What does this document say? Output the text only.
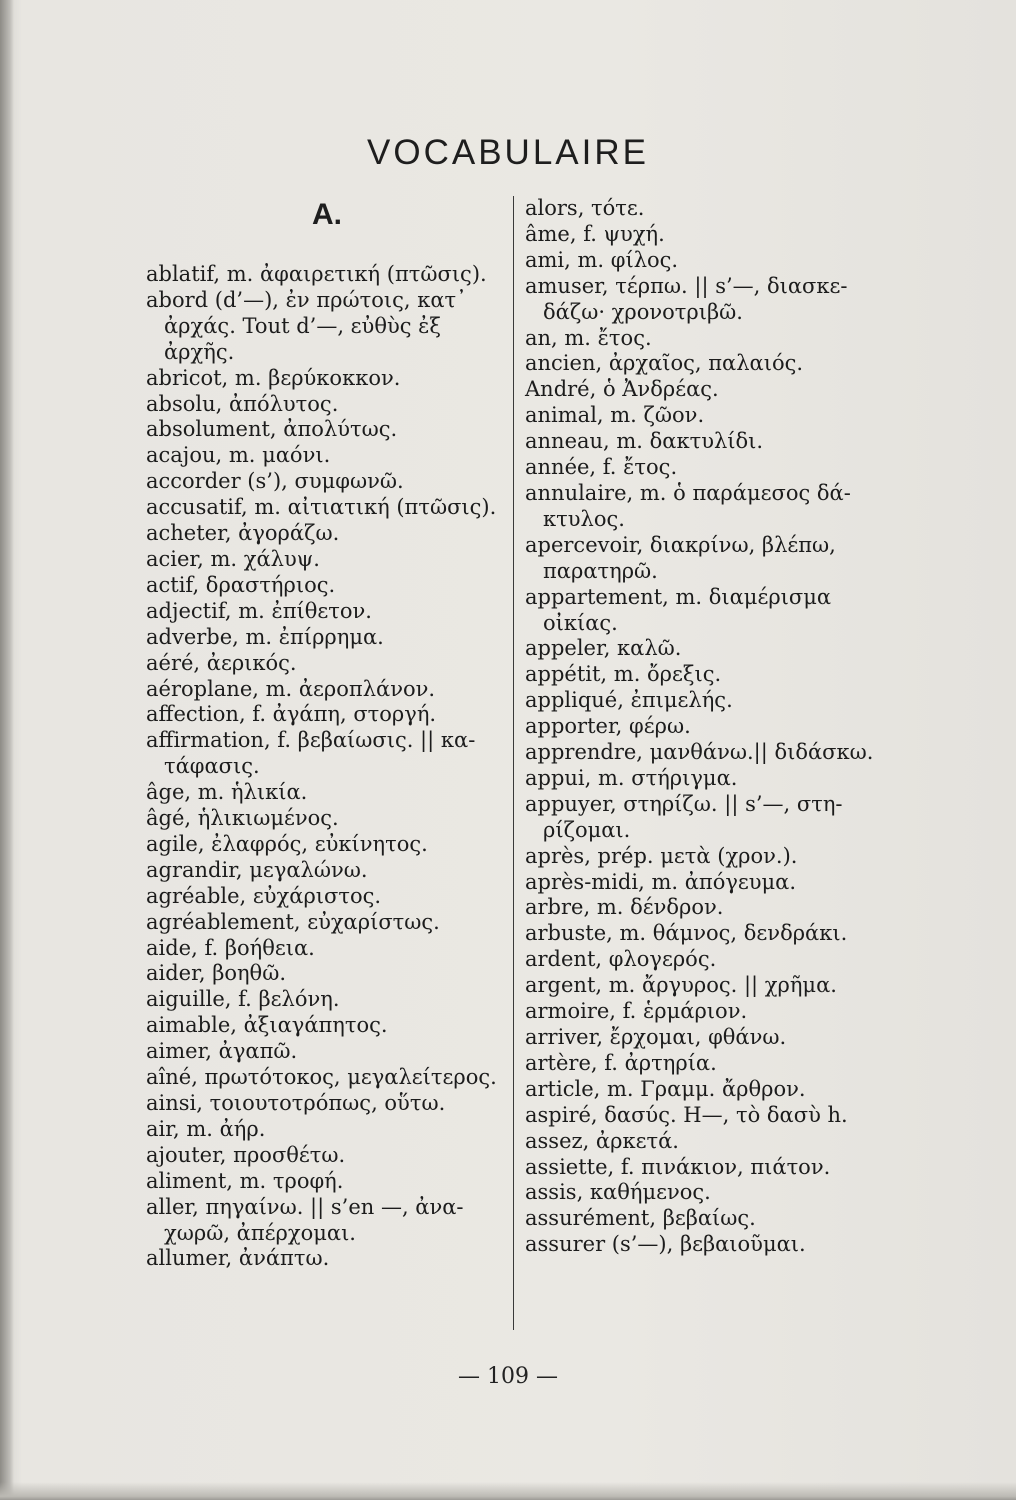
VOCABULAIRE
A.
ablatif, m. ἀφαιρετική (πτῶσις).
abord (d’—), ἐν πρώτοις, κατ᾽
ἀρχάς. Tout d’—, εὐθὺς ἐξ
ἀρχῆς.
abricot, m. βερύκοκκον.
absolu, ἀπόλυτος.
absolument, ἀπολύτως.
acajou, m. μαόνι.
accorder (s’), συμφωνῶ.
accusatif, m. αἰτιατική (πτῶσις).
acheter, ἀγοράζω.
acier, m. χάλυψ.
actif, δραστήριος.
adjectif, m. ἐπίθετον.
adverbe, m. ἐπίρρημα.
aéré, ἀερικός.
aéroplane, m. ἀεροπλάνον.
affection, f. ἀγάπη, στοργή.
affirmation, f. βεβαίωσις. || κα-
τάφασις.
âge, m. ἡλικία.
âgé, ἡλικιωμένος.
agile, ἐλαφρός, εὐκίνητος.
agrandir, μεγαλώνω.
agréable, εὐχάριστος.
agréablement, εὐχαρίστως.
aide, f. βοήθεια.
aider, βοηθῶ.
aiguille, f. βελόνη.
aimable, ἀξιαγάπητος.
aimer, ἀγαπῶ.
aîné, πρωτότοκος, μεγαλείτερος.
ainsi, τοιουτοτρόπως, οὕτω.
air, m. ἀήρ.
ajouter, προσθέτω.
aliment, m. τροφή.
aller, πηγαίνω. || s’en —, ἀνα-
χωρῶ, ἀπέρχομαι.
allumer, ἀνάπτω.
alors, τότε.
âme, f. ψυχή.
ami, m. φίλος.
amuser, τέρπω. || s’—, διασκε-
δάζω· χρονοτριβῶ.
an, m. ἔτος.
ancien, ἀρχαῖος, παλαιός.
André, ὁ Ἀνδρέας.
animal, m. ζῶον.
anneau, m. δακτυλίδι.
année, f. ἔτος.
annulaire, m. ὁ παράμεσος δά-
κτυλος.
apercevoir, διακρίνω, βλέπω,
παρατηρῶ.
appartement, m. διαμέρισμα
οἰκίας.
appeler, καλῶ.
appétit, m. ὄρεξις.
appliqué, ἐπιμελής.
apporter, φέρω.
apprendre, μανθάνω.|| διδάσκω.
appui, m. στήριγμα.
appuyer, στηρίζω. || s’—, στη-
ρίζομαι.
après, prép. μετὰ (χρον.).
après-midi, m. ἀπόγευμα.
arbre, m. δένδρον.
arbuste, m. θάμνος, δενδράκι.
ardent, φλογερός.
argent, m. ἄργυρος. || χρῆμα.
armoire, f. ἑρμάριον.
arriver, ἔρχομαι, φθάνω.
artère, f. ἀρτηρία.
article, m. Γραμμ. ἄρθρον.
aspiré, δασύς. H—, τὸ δασὺ h.
assez, ἀρκετά.
assiette, f. πινάκιον, πιάτον.
assis, καθήμενος.
assurément, βεβαίως.
assurer (s’—), βεβαιοῦμαι.
— 109 —
